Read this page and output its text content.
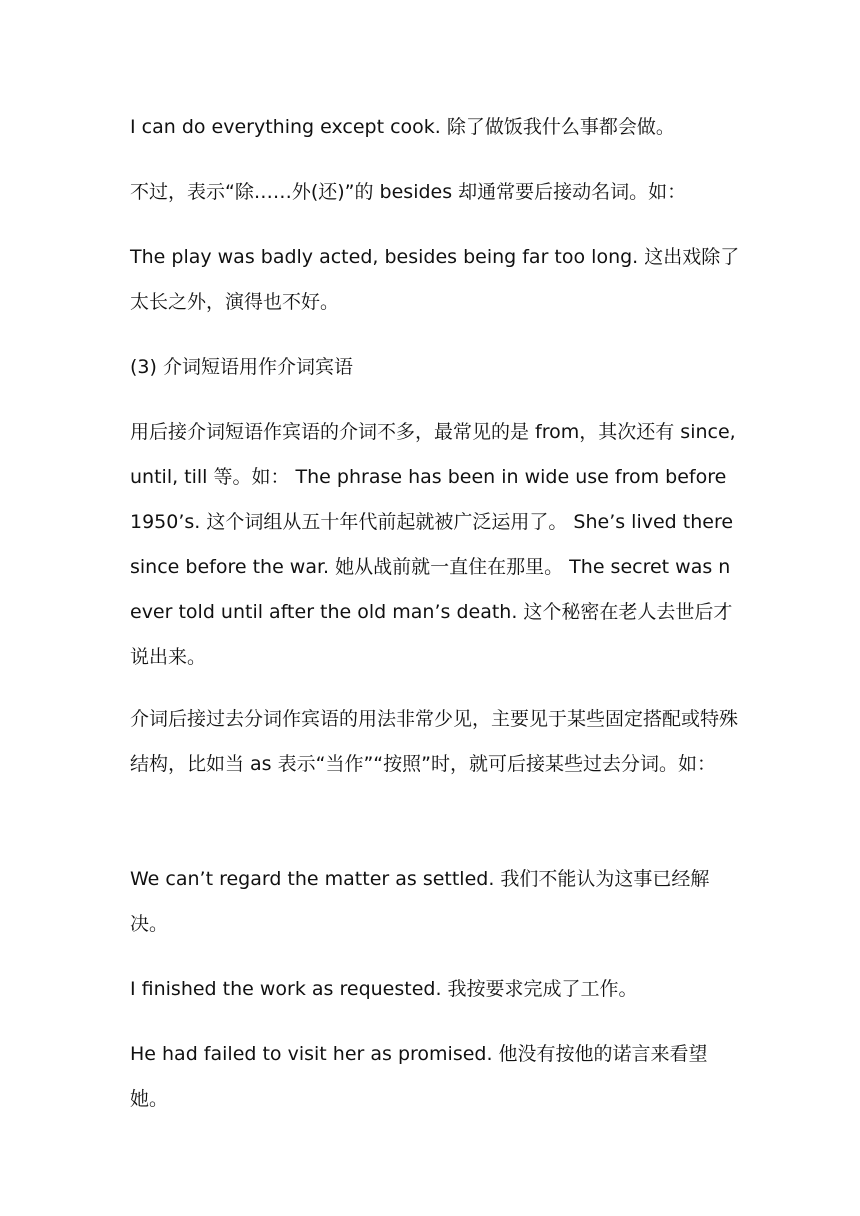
I can do everything except cook. 除了做饭我什么事都会做。

不过，表示“除……外(还)”的 besides 却通常要后接动名词。如：

The play was badly acted, besides being far too long. 这出戏除了太长之外，演得也不好。

(3) 介词短语用作介词宾语

用后接介词短语作宾语的介词不多，最常见的是 from，其次还有 since, until, till 等。如： The phrase has been in wide use from before 1950’s. 这个词组从五十年代前起就被广泛运用了。 She’s lived there since before the war. 她从战前就一直住在那里。 The secret was never told until after the old man’s death. 这个秘密在老人去世后才说出来。

介词后接过去分词作宾语的用法非常少见，主要见于某些固定搭配或特殊结构，比如当 as 表示“当作”“按照”时，就可后接某些过去分词。如：

We can’t regard the matter as settled. 我们不能认为这事已经解决。

I finished the work as requested. 我按要求完成了工作。

He had failed to visit her as promised. 他没有按他的诺言来看望她。
